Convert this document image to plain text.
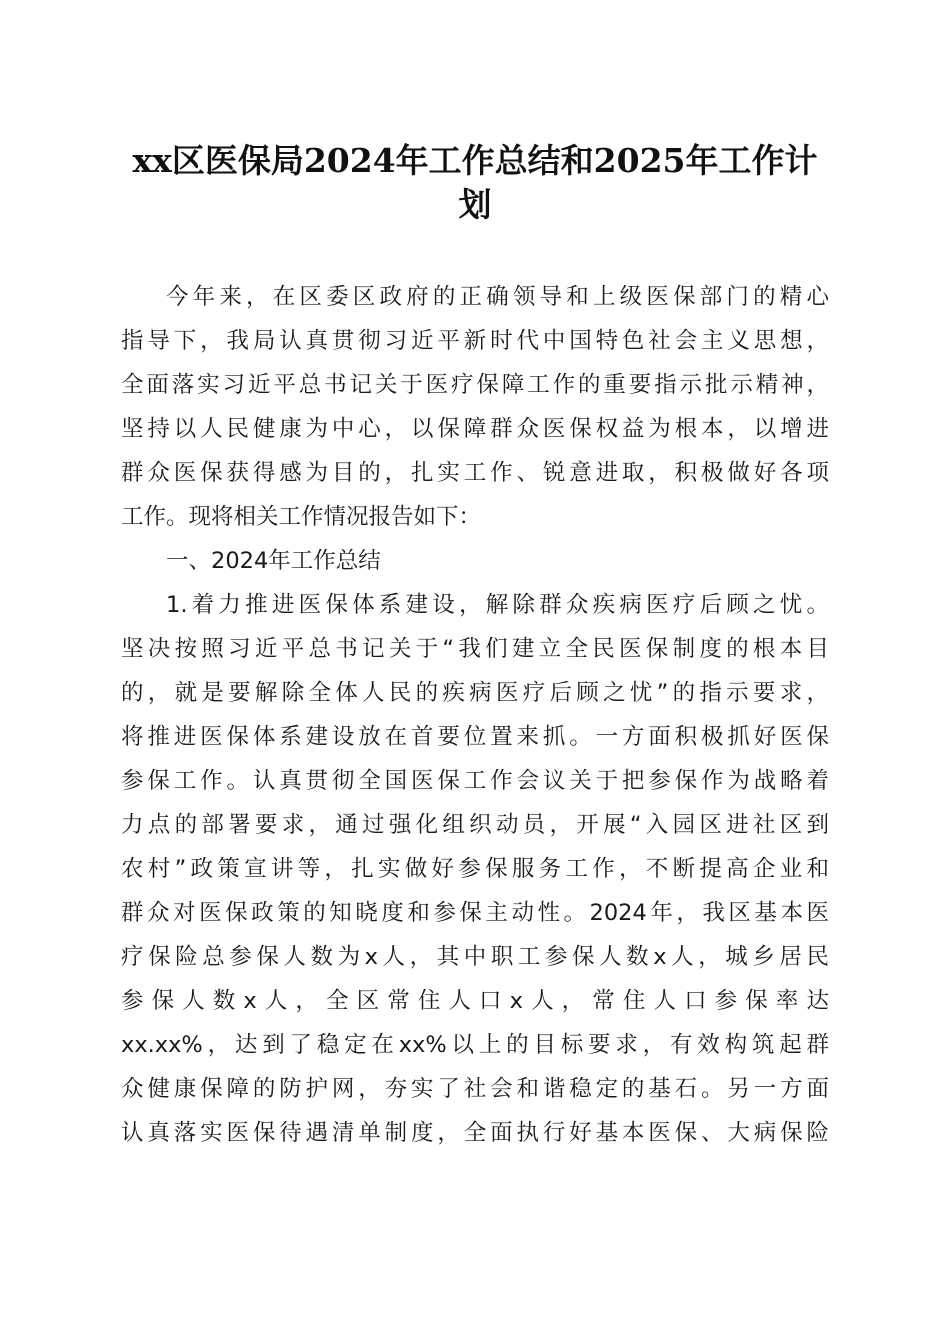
xx区医保局2024年工作总结和2025年工作计
划
今年来，在区委区政府的正确领导和上级医保部门的精心
指导下，我局认真贯彻习近平新时代中国特色社会主义思想，
全面落实习近平总书记关于医疗保障工作的重要指示批示精神，
坚持以人民健康为中心，以保障群众医保权益为根本，以增进
群众医保获得感为目的，扎实工作、锐意进取，积极做好各项
工作。现将相关工作情况报告如下：
一、2024年工作总结
1.着力推进医保体系建设，解除群众疾病医疗后顾之忧。
坚决按照习近平总书记关于“我们建立全民医保制度的根本目
的，就是要解除全体人民的疾病医疗后顾之忧”的指示要求，
将推进医保体系建设放在首要位置来抓。一方面积极抓好医保
参保工作。认真贯彻全国医保工作会议关于把参保作为战略着
力点的部署要求，通过强化组织动员，开展“入园区进社区到
农村”政策宣讲等，扎实做好参保服务工作，不断提高企业和
群众对医保政策的知晓度和参保主动性。2024年，我区基本医
疗保险总参保人数为x人，其中职工参保人数x人，城乡居民
参保人数x人，全区常住人口x人，常住人口参保率达
xx.xx%，达到了稳定在xx%以上的目标要求，有效构筑起群
众健康保障的防护网，夯实了社会和谐稳定的基石。另一方面
认真落实医保待遇清单制度，全面执行好基本医保、大病保险
